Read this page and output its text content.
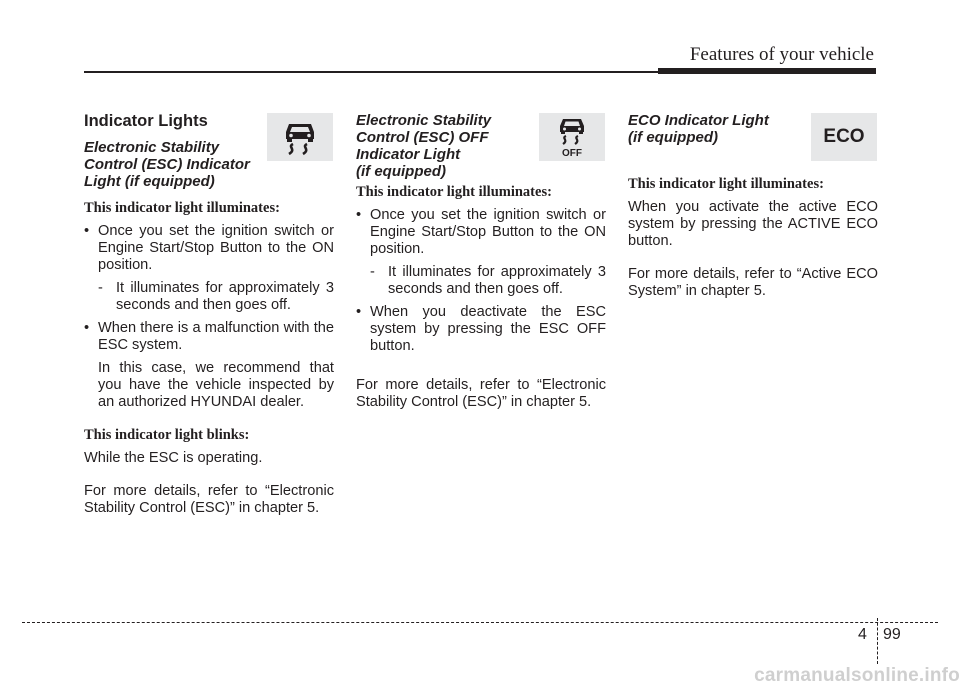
Features of your vehicle
Indicator Lights

Electronic Stability
Control (ESC) Indicator
Light (if equipped)

This indicator light illuminates:

• Once you set the ignition switch or Engine Start/Stop Button to the ON position.

- It illuminates for approximately 3 seconds and then goes off.

• When there is a malfunction with the ESC system.

In this case, we recommend that you have the vehicle inspected by an authorized HYUNDAI dealer.

This indicator light blinks:

While the ESC is operating.

For more details, refer to “Electronic Stability Control (ESC)” in chapter 5.

Electronic Stability
Control (ESC) OFF
Indicator Light
(if equipped)

This indicator light illuminates:

• Once you set the ignition switch or Engine Start/Stop Button to the ON position.

- It illuminates for approximately 3 seconds and then goes off.

• When you deactivate the ESC system by pressing the ESC OFF button.

For more details, refer to “Electronic Stability Control (ESC)” in chapter 5.

ECO Indicator Light
(if equipped)

This indicator light illuminates:

When you activate the active ECO system by pressing the ACTIVE ECO button.

For more details, refer to “Active ECO System” in chapter 5.

OFF
ECO
4 99
carmanualsonline.info
